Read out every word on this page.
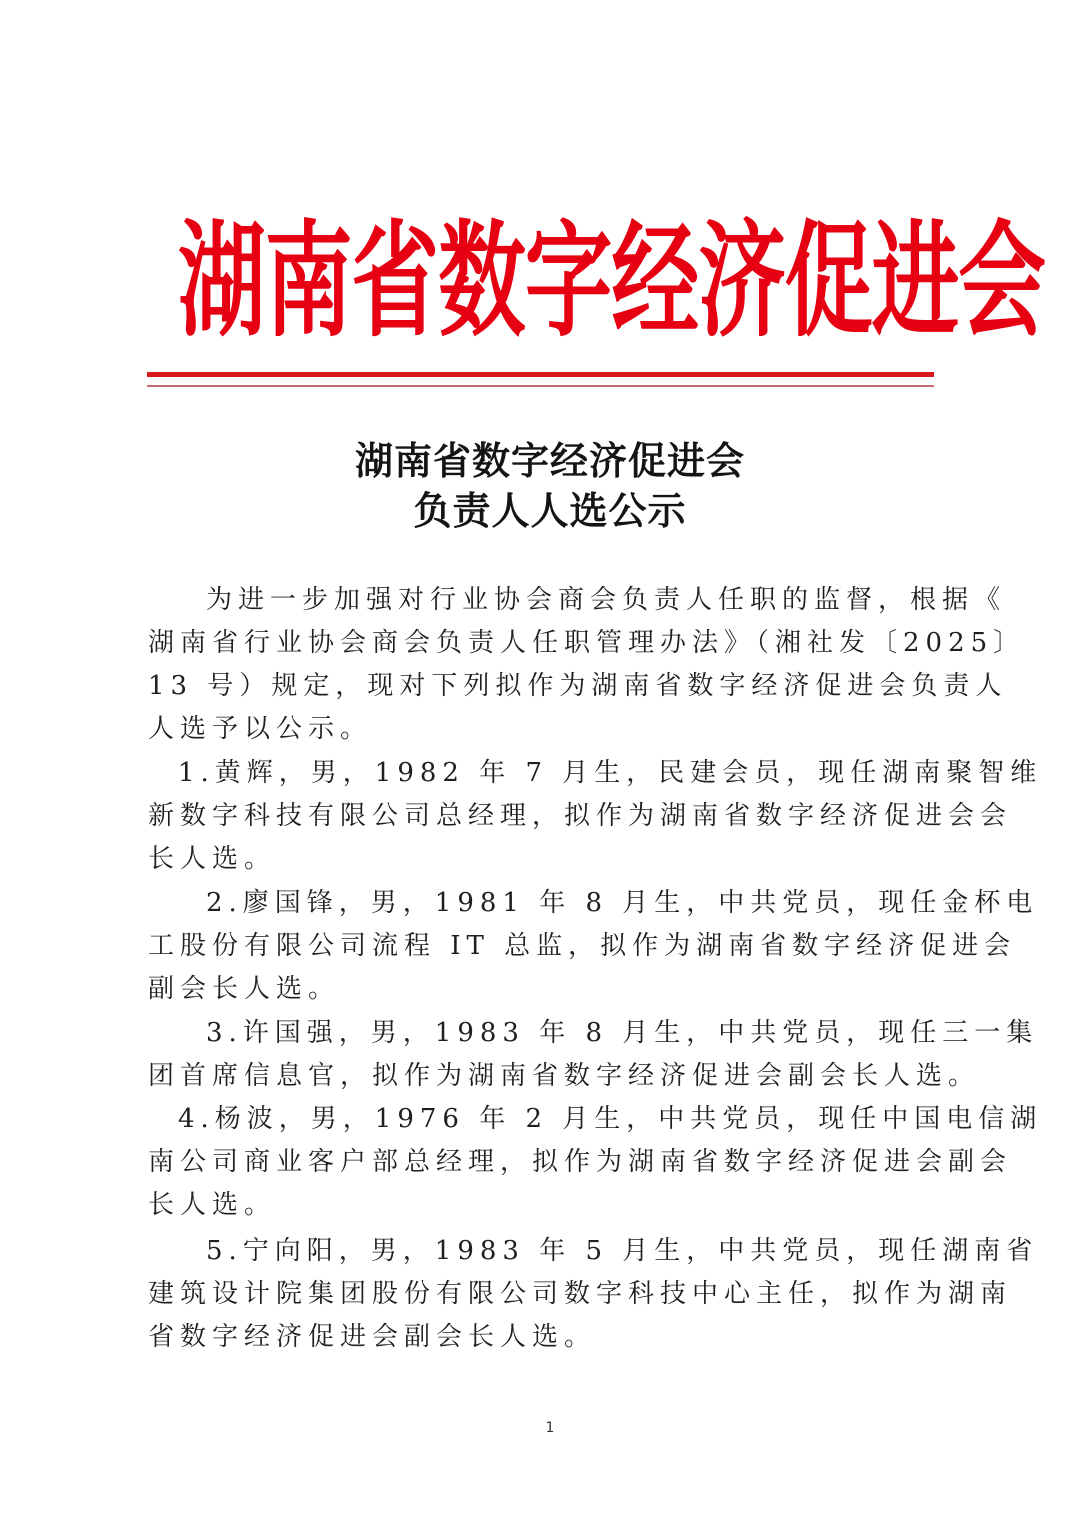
湖南省数字经济促进会
湖南省数字经济促进会
负责人人选公示
为进一步加强对行业协会商会负责人任职的监督，根据《
湖南省行业协会商会负责人任职管理办法》（湘社发〔2025〕
13 号）规定，现对下列拟作为湖南省数字经济促进会负责人
人选予以公示。
1.黄辉，男，1982 年 7 月生，民建会员，现任湖南聚智维
新数字科技有限公司总经理，拟作为湖南省数字经济促进会会
长人选。
2.廖国锋，男，1981 年 8 月生，中共党员，现任金杯电
工股份有限公司流程 IT 总监，拟作为湖南省数字经济促进会
副会长人选。
3.许国强，男，1983 年 8 月生，中共党员，现任三一集
团首席信息官，拟作为湖南省数字经济促进会副会长人选。
4.杨波，男，1976 年 2 月生，中共党员，现任中国电信湖
南公司商业客户部总经理，拟作为湖南省数字经济促进会副会
长人选。
5.宁向阳，男，1983 年 5 月生，中共党员，现任湖南省
建筑设计院集团股份有限公司数字科技中心主任，拟作为湖南
省数字经济促进会副会长人选。
1
